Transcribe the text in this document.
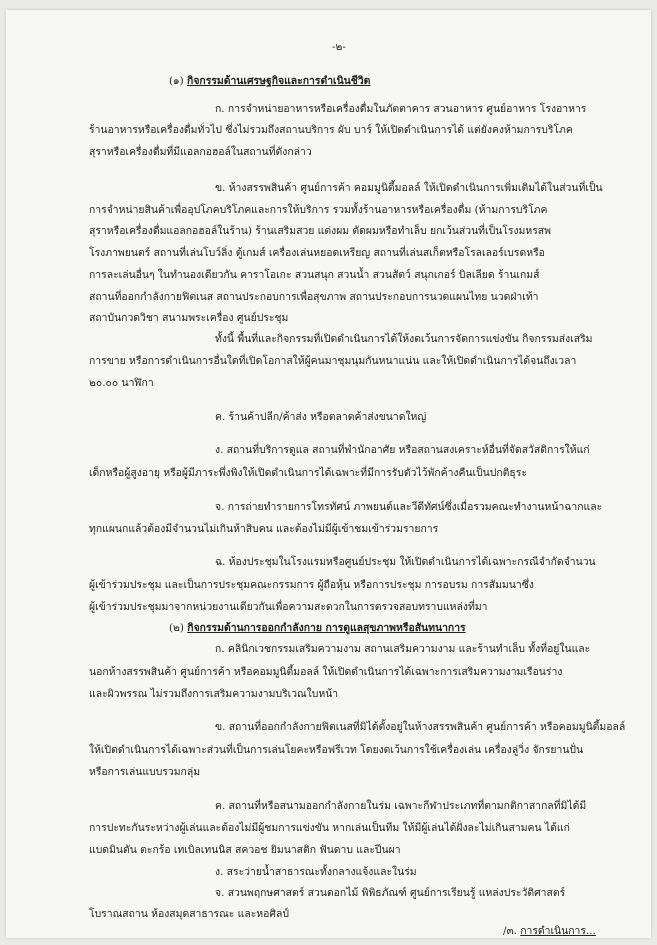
-๒-
(๑) กิจกรรมด้านเศรษฐกิจและการดำเนินชีวิต
ก. การจำหน่ายอาหารหรือเครื่องดื่มในภัตตาคาร สวนอาหาร ศูนย์อาหาร โรงอาหาร
ร้านอาหารหรือเครื่องดื่มทั่วไป ซึ่งไม่รวมถึงสถานบริการ ผับ บาร์ ให้เปิดดำเนินการได้ แต่ยังคงห้ามการบริโภค
สุราหรือเครื่องดื่มที่มีแอลกอฮอล์ในสถานที่ดังกล่าว
ข. ห้างสรรพสินค้า ศูนย์การค้า คอมมูนิตี้มอลล์ ให้เปิดดำเนินการเพิ่มเติมได้ในส่วนที่เป็น
การจำหน่ายสินค้าเพื่ออุปโภคบริโภคและการให้บริการ รวมทั้งร้านอาหารหรือเครื่องดื่ม (ห้ามการบริโภค
สุราหรือเครื่องดื่มแอลกอฮอล์ในร้าน) ร้านเสริมสวย แต่งผม ตัดผมหรือทำเล็บ ยกเว้นส่วนที่เป็นโรงมหรสพ
โรงภาพยนตร์ สถานที่เล่นโบว์ลิ่ง ตู้เกมส์ เครื่องเล่นหยอดเหรียญ สถานที่เล่นสเก็ตหรือโรลเลอร์เบรดหรือ
การละเล่นอื่นๆ ในทำนองเดียวกัน คาราโอเกะ สวนสนุก สวนน้ำ สวนสัตว์ สนุกเกอร์ บิลเลียด ร้านเกมส์
สถานที่ออกกำลังกายฟิตเนส สถานประกอบการเพื่อสุขภาพ สถานประกอบการนวดแผนไทย นวดฝ่าเท้า
สถาบันกวดวิชา สนามพระเครื่อง ศูนย์ประชุม
ทั้งนี้ พื้นที่และกิจกรรมที่เปิดดำเนินการได้ให้งดเว้นการจัดการแข่งขัน กิจกรรมส่งเสริม
การขาย หรือการดำเนินการอื่นใดที่เปิดโอกาสให้ผู้คนมาชุมนุมกันหนาแน่น และให้เปิดดำเนินการได้จนถึงเวลา
๒๐.๐๐ นาฬิกา
ค. ร้านค้าปลีก/ค้าส่ง หรือตลาดค้าส่งขนาดใหญ่
ง. สถานที่บริการดูแล สถานที่พำนักอาศัย หรือสถานสงเคราะห์อื่นที่จัดสวัสดิการให้แก่
เด็กหรือผู้สูงอายุ หรือผู้มีภาระพึ่งพิงให้เปิดดำเนินการได้เฉพาะที่มีการรับตัวไว้พักค้างคืนเป็นปกติธุระ
จ. การถ่ายทำรายการโทรทัศน์ ภาพยนต์และวีดีทัศน์ซึ่งเมื่อรวมคณะทำงานหน้าฉากและ
ทุกแผนกแล้วต้องมีจำนวนไม่เกินห้าสิบคน และต้องไม่มีผู้เข้าชมเข้าร่วมรายการ
ฉ. ห้องประชุมในโรงแรมหรือศูนย์ประชุม ให้เปิดดำเนินการได้เฉพาะกรณีจำกัดจำนวน
ผู้เข้าร่วมประชุม และเป็นการประชุมคณะกรรมการ ผู้ถือหุ้น หรือการประชุม การอบรม การสัมมนาซึ่ง
ผู้เข้าร่วมประชุมมาจากหน่วยงานเดียวกันเพื่อความสะดวกในการตรวจสอบทราบแหล่งที่มา
(๒) กิจกรรมด้านการออกกำลังกาย การดูแลสุขภาพหรือสันทนาการ
ก. คลินิกเวชกรรมเสริมความงาม สถานเสริมความงาม และร้านทำเล็บ ทั้งที่อยู่ในและ
นอกห้างสรรพสินค้า ศูนย์การค้า หรือคอมมูนิตี้มอลล์ ให้เปิดดำเนินการได้เฉพาะการเสริมความงามเรือนร่าง
และผิวพรรณ ไม่รวมถึงการเสริมความงามบริเวณใบหน้า
ข. สถานที่ออกกำลังกายฟิตเนสที่มิได้ตั้งอยู่ในห้างสรรพสินค้า ศูนย์การค้า หรือคอมมูนิตี้มอลล์
ให้เปิดดำเนินการได้เฉพาะส่วนที่เป็นการเล่นโยคะหรือฟรีเวท โดยงดเว้นการใช้เครื่องเล่น เครื่องลู่วิ่ง จักรยานปั่น
หรือการเล่นแบบรวมกลุ่ม
ค. สถานที่หรือสนามออกกำลังกายในร่ม เฉพาะกีฬาประเภทที่ตามกติกาสากลที่มิได้มี
การปะทะกันระหว่างผู้เล่นและต้องไม่มีผู้ชมการแข่งขัน หากเล่นเป็นทีม ให้มีผู้เล่นได้ฝั่งละไม่เกินสามคน ได้แก่
แบดมินตัน ตะกร้อ เทเบิลเทนนิส สควอช ยิมนาสติก ฟันดาบ และปีนผา
ง. สระว่ายน้ำสาธารณะทั้งกลางแจ้งและในร่ม
จ. สวนพฤกษศาสตร์ สวนดอกไม้ พิพิธภัณฑ์ ศูนย์การเรียนรู้ แหล่งประวัติศาสตร์
โบราณสถาน ห้องสมุดสาธารณะ และหอศิลป์
/๓. การดำเนินการ...
